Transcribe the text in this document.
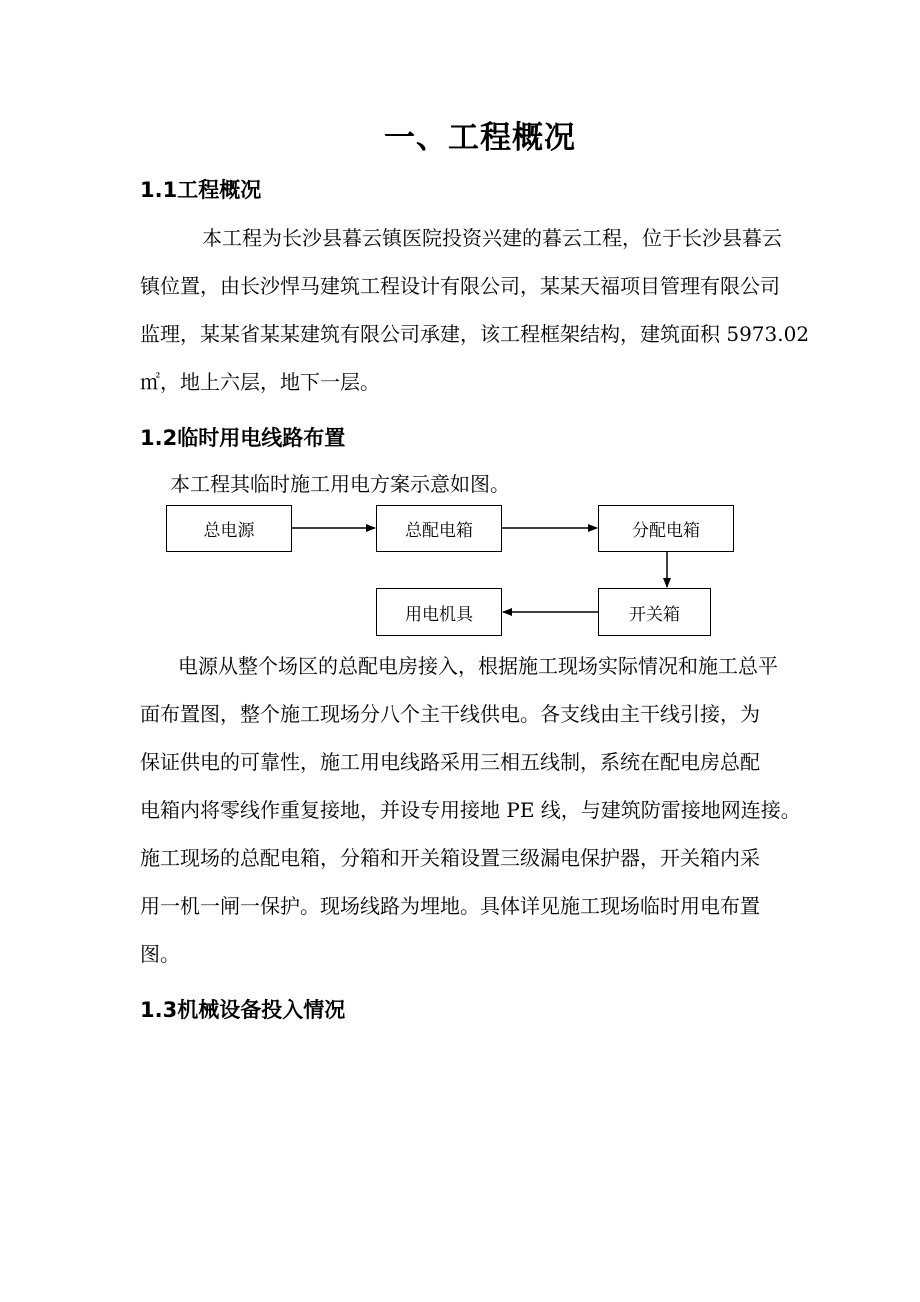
一、工程概况
1.1工程概况
本工程为长沙县暮云镇医院投资兴建的暮云工程，位于长沙县暮云
镇位置，由长沙悍马建筑工程设计有限公司，某某天福项目管理有限公司
监理，某某省某某建筑有限公司承建，该工程框架结构，建筑面积 5973.02
㎡，地上六层，地下一层。
1.2临时用电线路布置
本工程其临时施工用电方案示意如图。
总电源	总配电箱	分配电箱
开关箱
用电机具
电源从整个场区的总配电房接入，根据施工现场实际情况和施工总平
面布置图，整个施工现场分八个主干线供电。各支线由主干线引接，为
保证供电的可靠性，施工用电线路采用三相五线制，系统在配电房总配
电箱内将零线作重复接地，并设专用接地 PE 线，与建筑防雷接地网连接。
施工现场的总配电箱，分箱和开关箱设置三级漏电保护器，开关箱内采
用一机一闸一保护。现场线路为埋地。具体详见施工现场临时用电布置
图。
1.3机械设备投入情况
